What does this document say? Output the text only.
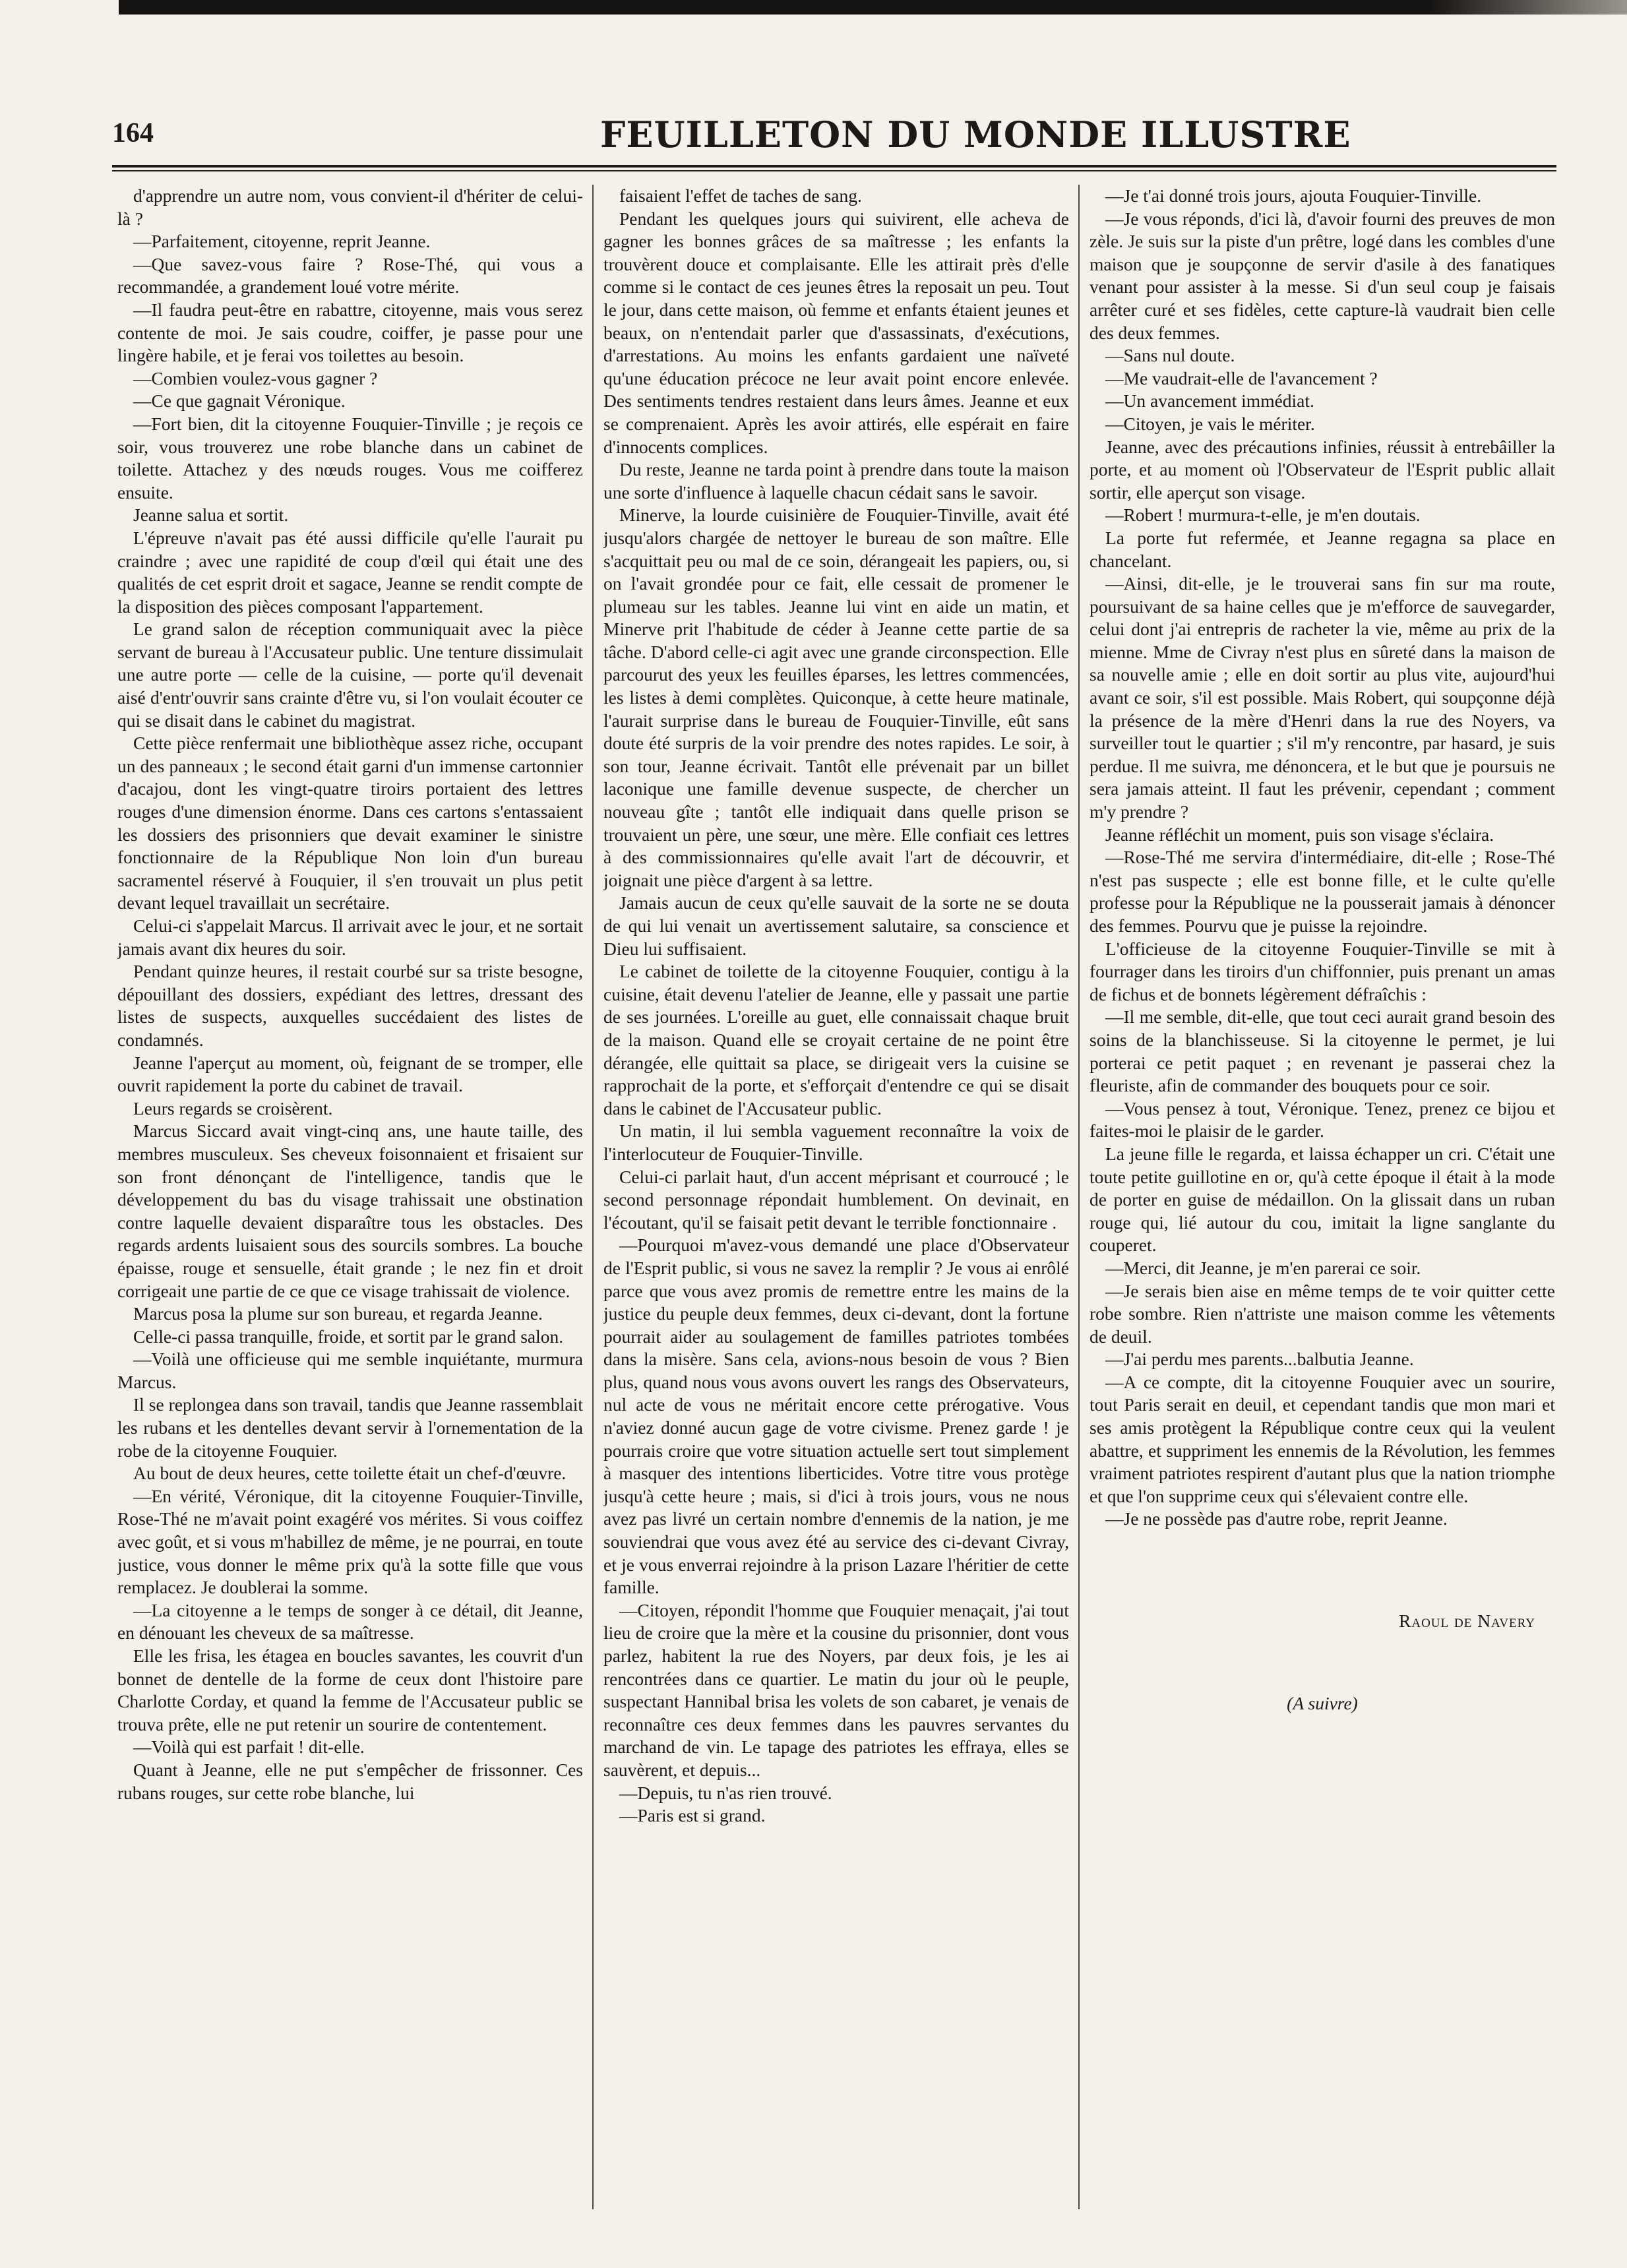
164	FEUILLETON DU MONDE ILLUSTRE

d'apprendre un autre nom, vous convient-il d'hériter de celui-là ?

—Parfaitement, citoyenne, reprit Jeanne.

—Que savez-vous faire ? Rose-Thé, qui vous a recommandée, a grandement loué votre mérite.

—Il faudra peut-être en rabattre, citoyenne, mais vous serez contente de moi. Je sais coudre, coiffer, je passe pour une lingère habile, et je ferai vos toilettes au besoin.

—Combien voulez-vous gagner ?

—Ce que gagnait Véronique.

—Fort bien, dit la citoyenne Fouquier-Tinville ; je reçois ce soir, vous trouverez une robe blanche dans un cabinet de toilette. Attachez y des nœuds rouges. Vous me coifferez ensuite.

Jeanne salua et sortit.

L'épreuve n'avait pas été aussi difficile qu'elle l'aurait pu craindre ; avec une rapidité de coup d'œil qui était une des qualités de cet esprit droit et sagace, Jeanne se rendit compte de la disposition des pièces composant l'appartement.

Le grand salon de réception communiquait avec la pièce servant de bureau à l'Accusateur public. Une tenture dissimulait une autre porte — celle de la cuisine, — porte qu'il devenait aisé d'entr'ouvrir sans crainte d'être vu, si l'on voulait écouter ce qui se disait dans le cabinet du magistrat.

Cette pièce renfermait une bibliothèque assez riche, occupant un des panneaux ; le second était garni d'un immense cartonnier d'acajou, dont les vingt-quatre tiroirs portaient des lettres rouges d'une dimension énorme. Dans ces cartons s'entassaient les dossiers des prisonniers que devait examiner le sinistre fonctionnaire de la République Non loin d'un bureau sacramentel réservé à Fouquier, il s'en trouvait un plus petit devant lequel travaillait un secrétaire.

Celui-ci s'appelait Marcus. Il arrivait avec le jour, et ne sortait jamais avant dix heures du soir.

Pendant quinze heures, il restait courbé sur sa triste besogne, dépouillant des dossiers, expédiant des lettres, dressant des listes de suspects, auxquelles succédaient des listes de condamnés.

Jeanne l'aperçut au moment, où, feignant de se tromper, elle ouvrit rapidement la porte du cabinet de travail.

Leurs regards se croisèrent.

Marcus Siccard avait vingt-cinq ans, une haute taille, des membres musculeux. Ses cheveux foisonnaient et frisaient sur son front dénonçant de l'intelligence, tandis que le développement du bas du visage trahissait une obstination contre laquelle devaient disparaître tous les obstacles. Des regards ardents luisaient sous des sourcils sombres. La bouche épaisse, rouge et sensuelle, était grande ; le nez fin et droit corrigeait une partie de ce que ce visage trahissait de violence.

Marcus posa la plume sur son bureau, et regarda Jeanne.

Celle-ci passa tranquille, froide, et sortit par le grand salon.

—Voilà une officieuse qui me semble inquiétante, murmura Marcus.

Il se replongea dans son travail, tandis que Jeanne rassemblait les rubans et les dentelles devant servir à l'ornementation de la robe de la citoyenne Fouquier.

Au bout de deux heures, cette toilette était un chef-d'œuvre.

—En vérité, Véronique, dit la citoyenne Fouquier-Tinville, Rose-Thé ne m'avait point exagéré vos mérites. Si vous coiffez avec goût, et si vous m'habillez de même, je ne pourrai, en toute justice, vous donner le même prix qu'à la sotte fille que vous remplacez. Je doublerai la somme.

—La citoyenne a le temps de songer à ce détail, dit Jeanne, en dénouant les cheveux de sa maîtresse.

Elle les frisa, les étagea en boucles savantes, les couvrit d'un bonnet de dentelle de la forme de ceux dont l'histoire pare Charlotte Corday, et quand la femme de l'Accusateur public se trouva prête, elle ne put retenir un sourire de contentement.

—Voilà qui est parfait ! dit-elle.

Quant à Jeanne, elle ne put s'empêcher de frissonner. Ces rubans rouges, sur cette robe blanche, lui

faisaient l'effet de taches de sang.

Pendant les quelques jours qui suivirent, elle acheva de gagner les bonnes grâces de sa maîtresse ; les enfants la trouvèrent douce et complaisante. Elle les attirait près d'elle comme si le contact de ces jeunes êtres la reposait un peu. Tout le jour, dans cette maison, où femme et enfants étaient jeunes et beaux, on n'entendait parler que d'assassinats, d'exécutions, d'arrestations. Au moins les enfants gardaient une naïveté qu'une éducation précoce ne leur avait point encore enlevée. Des sentiments tendres restaient dans leurs âmes. Jeanne et eux se comprenaient. Après les avoir attirés, elle espérait en faire d'innocents complices.

Du reste, Jeanne ne tarda point à prendre dans toute la maison une sorte d'influence à laquelle chacun cédait sans le savoir.

Minerve, la lourde cuisinière de Fouquier-Tinville, avait été jusqu'alors chargée de nettoyer le bureau de son maître. Elle s'acquittait peu ou mal de ce soin, dérangeait les papiers, ou, si on l'avait grondée pour ce fait, elle cessait de promener le plumeau sur les tables. Jeanne lui vint en aide un matin, et Minerve prit l'habitude de céder à Jeanne cette partie de sa tâche. D'abord celle-ci agit avec une grande circonspection. Elle parcourut des yeux les feuilles éparses, les lettres commencées, les listes à demi complètes. Quiconque, à cette heure matinale, l'aurait surprise dans le bureau de Fouquier-Tinville, eût sans doute été surpris de la voir prendre des notes rapides. Le soir, à son tour, Jeanne écrivait. Tantôt elle prévenait par un billet laconique une famille devenue suspecte, de chercher un nouveau gîte ; tantôt elle indiquait dans quelle prison se trouvaient un père, une sœur, une mère. Elle confiait ces lettres à des commissionnaires qu'elle avait l'art de découvrir, et joignait une pièce d'argent à sa lettre.

Jamais aucun de ceux qu'elle sauvait de la sorte ne se douta de qui lui venait un avertissement salutaire, sa conscience et Dieu lui suffisaient.

Le cabinet de toilette de la citoyenne Fouquier, contigu à la cuisine, était devenu l'atelier de Jeanne, elle y passait une partie de ses journées. L'oreille au guet, elle connaissait chaque bruit de la maison. Quand elle se croyait certaine de ne point être dérangée, elle quittait sa place, se dirigeait vers la cuisine se rapprochait de la porte, et s'efforçait d'entendre ce qui se disait dans le cabinet de l'Accusateur public.

Un matin, il lui sembla vaguement reconnaître la voix de l'interlocuteur de Fouquier-Tinville.

Celui-ci parlait haut, d'un accent méprisant et courroucé ; le second personnage répondait humblement. On devinait, en l'écoutant, qu'il se faisait petit devant le terrible fonctionnaire .

—Pourquoi m'avez-vous demandé une place d'Observateur de l'Esprit public, si vous ne savez la remplir ? Je vous ai enrôlé parce que vous avez promis de remettre entre les mains de la justice du peuple deux femmes, deux ci-devant, dont la fortune pourrait aider au soulagement de familles patriotes tombées dans la misère. Sans cela, avions-nous besoin de vous ? Bien plus, quand nous vous avons ouvert les rangs des Observateurs, nul acte de vous ne méritait encore cette prérogative. Vous n'aviez donné aucun gage de votre civisme. Prenez garde ! je pourrais croire que votre situation actuelle sert tout simplement à masquer des intentions liberticides. Votre titre vous protège jusqu'à cette heure ; mais, si d'ici à trois jours, vous ne nous avez pas livré un certain nombre d'ennemis de la nation, je me souviendrai que vous avez été au service des ci-devant Civray, et je vous enverrai rejoindre à la prison Lazare l'héritier de cette famille.

—Citoyen, répondit l'homme que Fouquier menaçait, j'ai tout lieu de croire que la mère et la cousine du prisonnier, dont vous parlez, habitent la rue des Noyers, par deux fois, je les ai rencontrées dans ce quartier. Le matin du jour où le peuple, suspectant Hannibal brisa les volets de son cabaret, je venais de reconnaître ces deux femmes dans les pauvres servantes du marchand de vin. Le tapage des patriotes les effraya, elles se sauvèrent, et depuis...

—Depuis, tu n'as rien trouvé.

—Paris est si grand.

—Je t'ai donné trois jours, ajouta Fouquier-Tinville.

—Je vous réponds, d'ici là, d'avoir fourni des preuves de mon zèle. Je suis sur la piste d'un prêtre, logé dans les combles d'une maison que je soupçonne de servir d'asile à des fanatiques venant pour assister à la messe. Si d'un seul coup je faisais arrêter curé et ses fidèles, cette capture-là vaudrait bien celle des deux femmes.

—Sans nul doute.

—Me vaudrait-elle de l'avancement ?

—Un avancement immédiat.

—Citoyen, je vais le mériter.

Jeanne, avec des précautions infinies, réussit à entrebâiller la porte, et au moment où l'Observateur de l'Esprit public allait sortir, elle aperçut son visage.

—Robert ! murmura-t-elle, je m'en doutais.

La porte fut refermée, et Jeanne regagna sa place en chancelant.

—Ainsi, dit-elle, je le trouverai sans fin sur ma route, poursuivant de sa haine celles que je m'efforce de sauvegarder, celui dont j'ai entrepris de racheter la vie, même au prix de la mienne. Mme de Civray n'est plus en sûreté dans la maison de sa nouvelle amie ; elle en doit sortir au plus vite, aujourd'hui avant ce soir, s'il est possible. Mais Robert, qui soupçonne déjà la présence de la mère d'Henri dans la rue des Noyers, va surveiller tout le quartier ; s'il m'y rencontre, par hasard, je suis perdue. Il me suivra, me dénoncera, et le but que je poursuis ne sera jamais atteint. Il faut les prévenir, cependant ; comment m'y prendre ?

Jeanne réfléchit un moment, puis son visage s'éclaira.

—Rose-Thé me servira d'intermédiaire, dit-elle ; Rose-Thé n'est pas suspecte ; elle est bonne fille, et le culte qu'elle professe pour la République ne la pousserait jamais à dénoncer des femmes. Pourvu que je puisse la rejoindre.

L'officieuse de la citoyenne Fouquier-Tinville se mit à fourrager dans les tiroirs d'un chiffonnier, puis prenant un amas de fichus et de bonnets légèrement défraîchis :

—Il me semble, dit-elle, que tout ceci aurait grand besoin des soins de la blanchisseuse. Si la citoyenne le permet, je lui porterai ce petit paquet ; en revenant je passerai chez la fleuriste, afin de commander des bouquets pour ce soir.

—Vous pensez à tout, Véronique. Tenez, prenez ce bijou et faites-moi le plaisir de le garder.

La jeune fille le regarda, et laissa échapper un cri. C'était une toute petite guillotine en or, qu'à cette époque il était à la mode de porter en guise de médaillon. On la glissait dans un ruban rouge qui, lié autour du cou, imitait la ligne sanglante du couperet.

—Merci, dit Jeanne, je m'en parerai ce soir.

—Je serais bien aise en même temps de te voir quitter cette robe sombre. Rien n'attriste une maison comme les vêtements de deuil.

—J'ai perdu mes parents...balbutia Jeanne.

—A ce compte, dit la citoyenne Fouquier avec un sourire, tout Paris serait en deuil, et cependant tandis que mon mari et ses amis protègent la République contre ceux qui la veulent abattre, et suppriment les ennemis de la Révolution, les femmes vraiment patriotes respirent d'autant plus que la nation triomphe et que l'on supprime ceux qui s'élevaient contre elle.

—Je ne possède pas d'autre robe, reprit Jeanne.

Raoul de Navery

(A suivre)
